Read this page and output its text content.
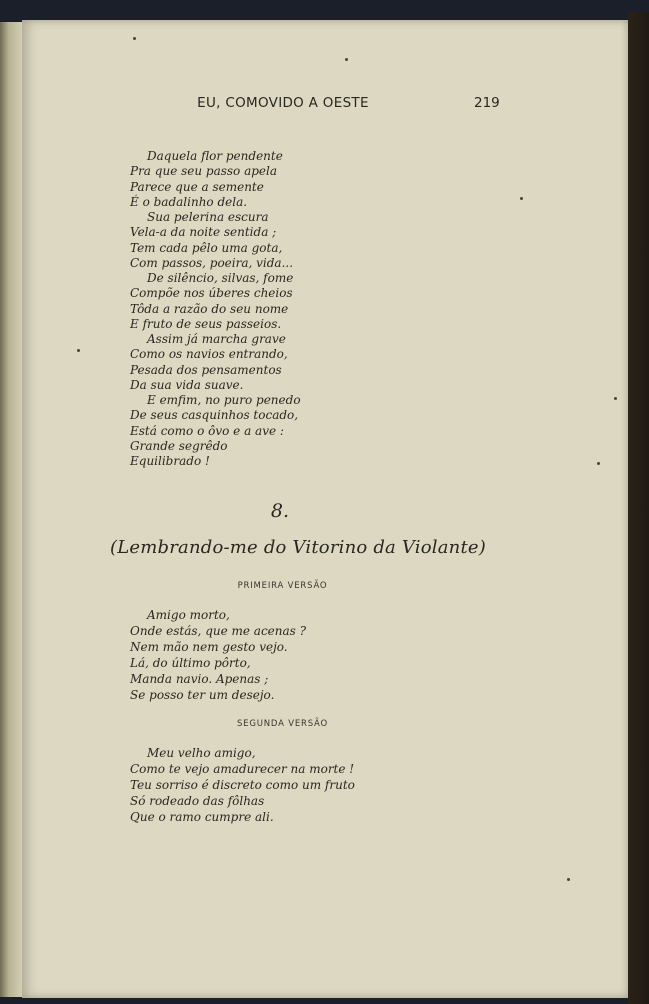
EU, COMOVIDO A OESTE	219
Daquela flor pendente
Pra que seu passo apela
Parece que a semente
É o badalinho dela.
Sua pelerina escura
Vela-a da noite sentida ;
Tem cada pêlo uma gota,
Com passos, poeira, vida...
De silêncio, silvas, fome
Compõe nos úberes cheios
Tôda a razão do seu nome
E fruto de seus passeios.
Assim já marcha grave
Como os navios entrando,
Pesada dos pensamentos
Da sua vida suave.
E emfim, no puro penedo
De seus casquinhos tocado,
Está como o ôvo e a ave :
Grande segrêdo
Equilibrado !
8.
(Lembrando-me do Vitorino da Violante)
PRIMEIRA VERSÃO
Amigo morto,
Onde estás, que me acenas ?
Nem mão nem gesto vejo.
Lá, do último pôrto,
Manda navio. Apenas ;
Se posso ter um desejo.
SEGUNDA VERSÃO
Meu velho amigo,
Como te vejo amadurecer na morte !
Teu sorriso é discreto como um fruto
Só rodeado das fôlhas
Que o ramo cumpre ali.
